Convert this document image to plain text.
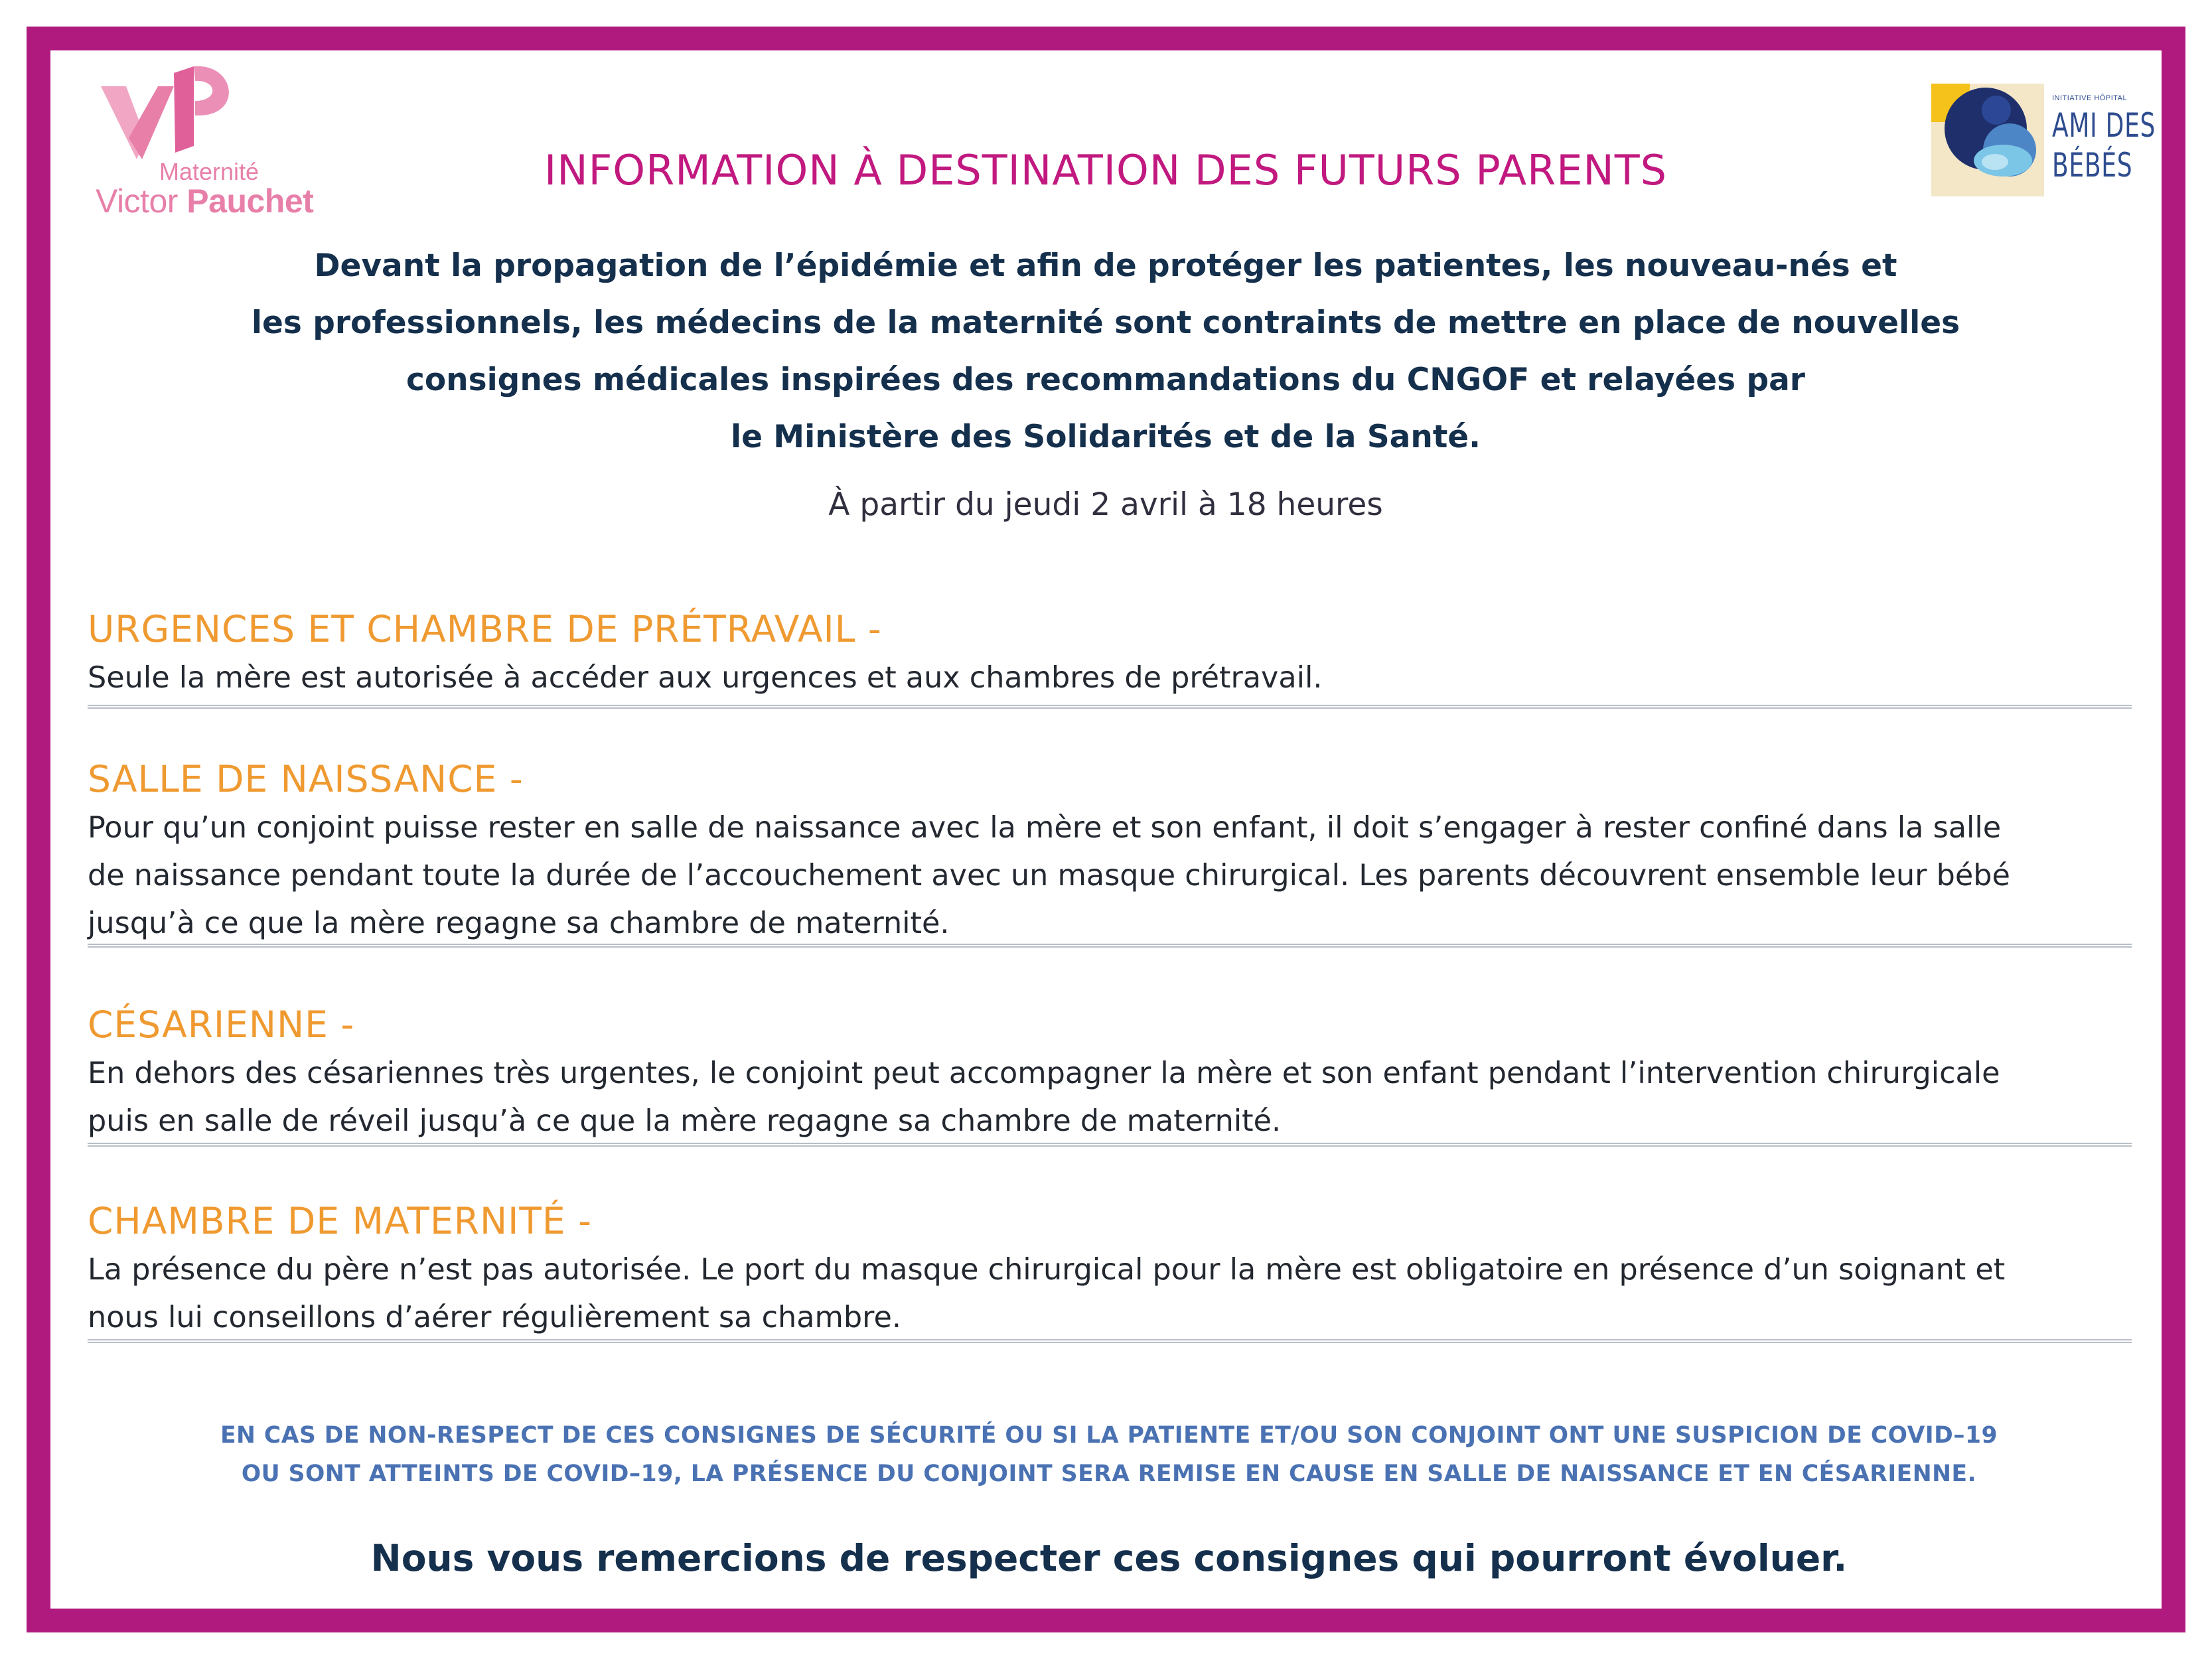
Maternité
Victor Pauchet
INITIATIVE HÔPITAL
AMI DES
BÉBÉS
INFORMATION À DESTINATION DES FUTURS PARENTS
Devant la propagation de l’épidémie et afin de protéger les patientes, les nouveau-nés et
les professionnels, les médecins de la maternité sont contraints de mettre en place de nouvelles
consignes médicales inspirées des recommandations du CNGOF et relayées par
le Ministère des Solidarités et de la Santé.
À partir du jeudi 2 avril à 18 heures
URGENCES ET CHAMBRE DE PRÉTRAVAIL -
Seule la mère est autorisée à accéder aux urgences et aux chambres de prétravail.
SALLE DE NAISSANCE -
Pour qu’un conjoint puisse rester en salle de naissance avec la mère et son enfant, il doit s’engager à rester confiné dans la salle
de naissance pendant toute la durée de l’accouchement avec un masque chirurgical. Les parents découvrent ensemble leur bébé
jusqu’à ce que la mère regagne sa chambre de maternité.
CÉSARIENNE -
En dehors des césariennes très urgentes, le conjoint peut accompagner la mère et son enfant pendant l’intervention chirurgicale
puis en salle de réveil jusqu’à ce que la mère regagne sa chambre de maternité.
CHAMBRE DE MATERNITÉ -
La présence du père n’est pas autorisée. Le port du masque chirurgical pour la mère est obligatoire en présence d’un soignant et
nous lui conseillons d’aérer régulièrement sa chambre.
EN CAS DE NON-RESPECT DE CES CONSIGNES DE SÉCURITÉ OU SI LA PATIENTE ET/OU SON CONJOINT ONT UNE SUSPICION DE COVID–19
OU SONT ATTEINTS DE COVID–19, LA PRÉSENCE DU CONJOINT SERA REMISE EN CAUSE EN SALLE DE NAISSANCE ET EN CÉSARIENNE.
Nous vous remercions de respecter ces consignes qui pourront évoluer.
